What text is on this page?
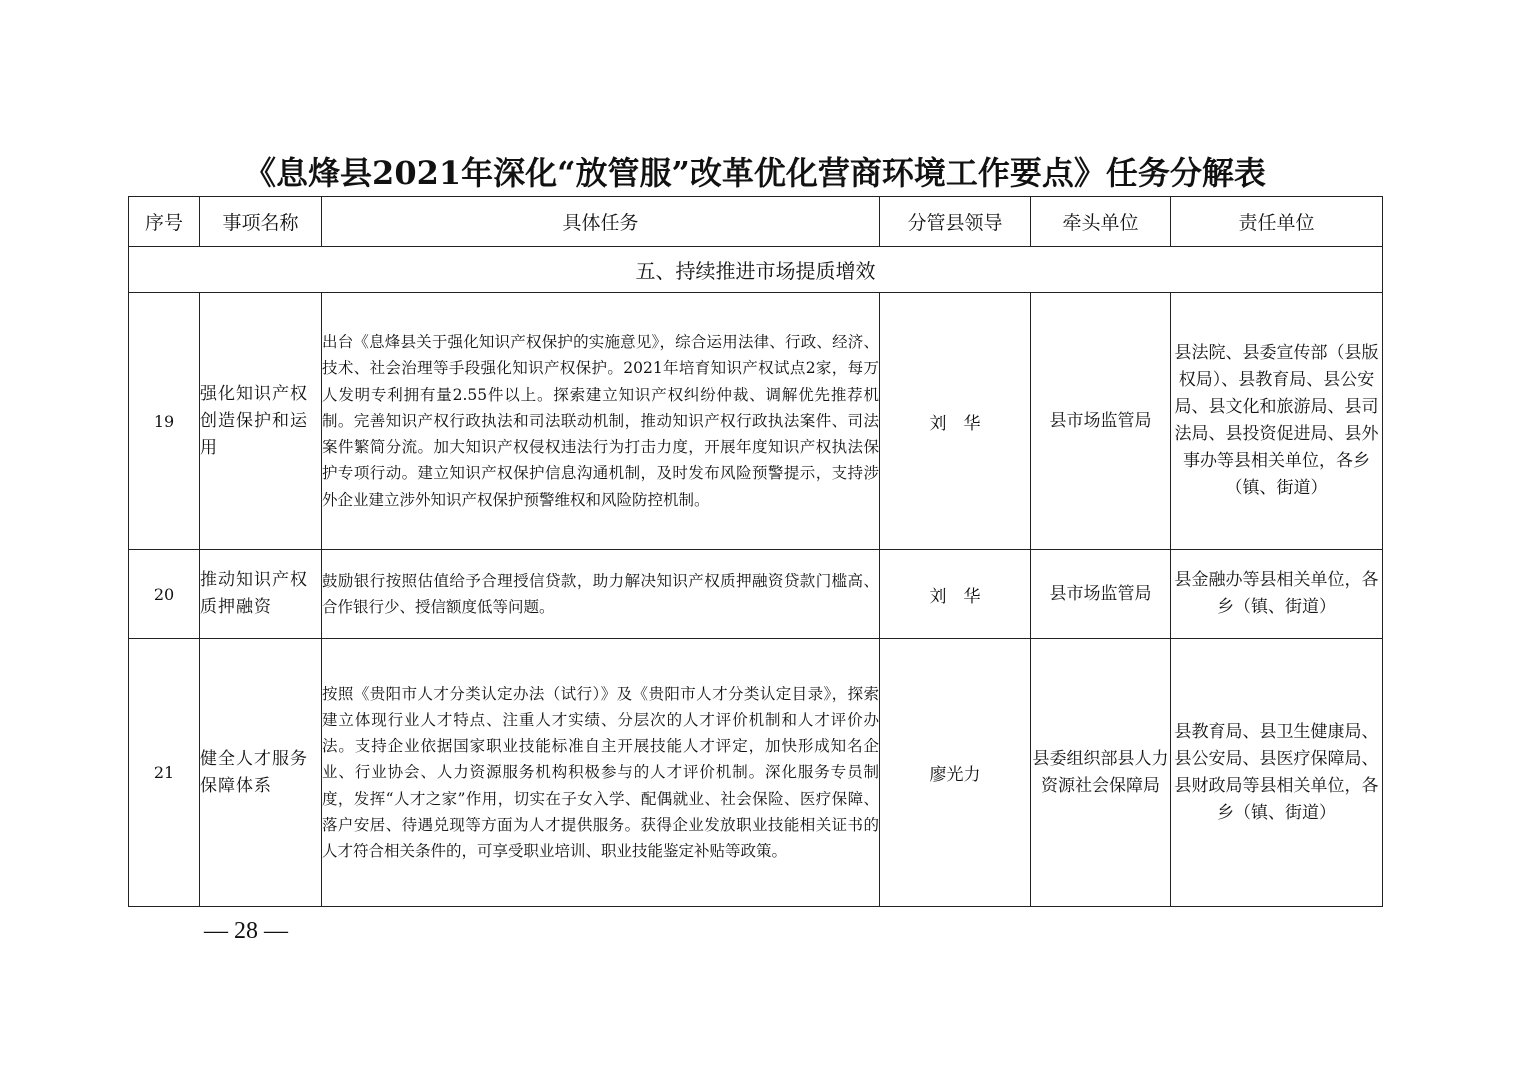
《息烽县2021年深化“放管服”改革优化营商环境工作要点》任务分解表
序号	事项名称	具体任务	分管县领导	牵头单位	责任单位
五、持续推进市场提质增效					
19	强化知识产权创造保护和运用	出台《息烽县关于强化知识产权保护的实施意见》，综合运用法律、行政、经济、技术、社会治理等手段强化知识产权保护。2021年培育知识产权试点2家，每万人发明专利拥有量2.55件以上。探索建立知识产权纠纷仲裁、调解优先推荐机制。完善知识产权行政执法和司法联动机制，推动知识产权行政执法案件、司法案件繁简分流。加大知识产权侵权违法行为打击力度，开展年度知识产权执法保护专项行动。建立知识产权保护信息沟通机制，及时发布风险预警提示，支持涉外企业建立涉外知识产权保护预警维权和风险防控机制。	刘　华	县市场监管局	县法院、县委宣传部（县版权局）、县教育局、县公安局、县文化和旅游局、县司法局、县投资促进局、县外事办等县相关单位，各乡（镇、街道）
20	推动知识产权质押融资	鼓励银行按照估值给予合理授信贷款，助力解决知识产权质押融资贷款门槛高、合作银行少、授信额度低等问题。	刘　华	县市场监管局	县金融办等县相关单位，各乡（镇、街道）
21	健全人才服务保障体系	按照《贵阳市人才分类认定办法（试行）》及《贵阳市人才分类认定目录》，探索建立体现行业人才特点、注重人才实绩、分层次的人才评价机制和人才评价办法。支持企业依据国家职业技能标准自主开展技能人才评定，加快形成知名企业、行业协会、人力资源服务机构积极参与的人才评价机制。深化服务专员制度，发挥“人才之家”作用，切实在子女入学、配偶就业、社会保险、医疗保障、落户安居、待遇兑现等方面为人才提供服务。获得企业发放职业技能相关证书的人才符合相关条件的，可享受职业培训、职业技能鉴定补贴等政策。	廖光力	县委组织部县人力资源社会保障局	县教育局、县卫生健康局、县公安局、县医疗保障局、县财政局等县相关单位，各乡（镇、街道）
— 28 —
